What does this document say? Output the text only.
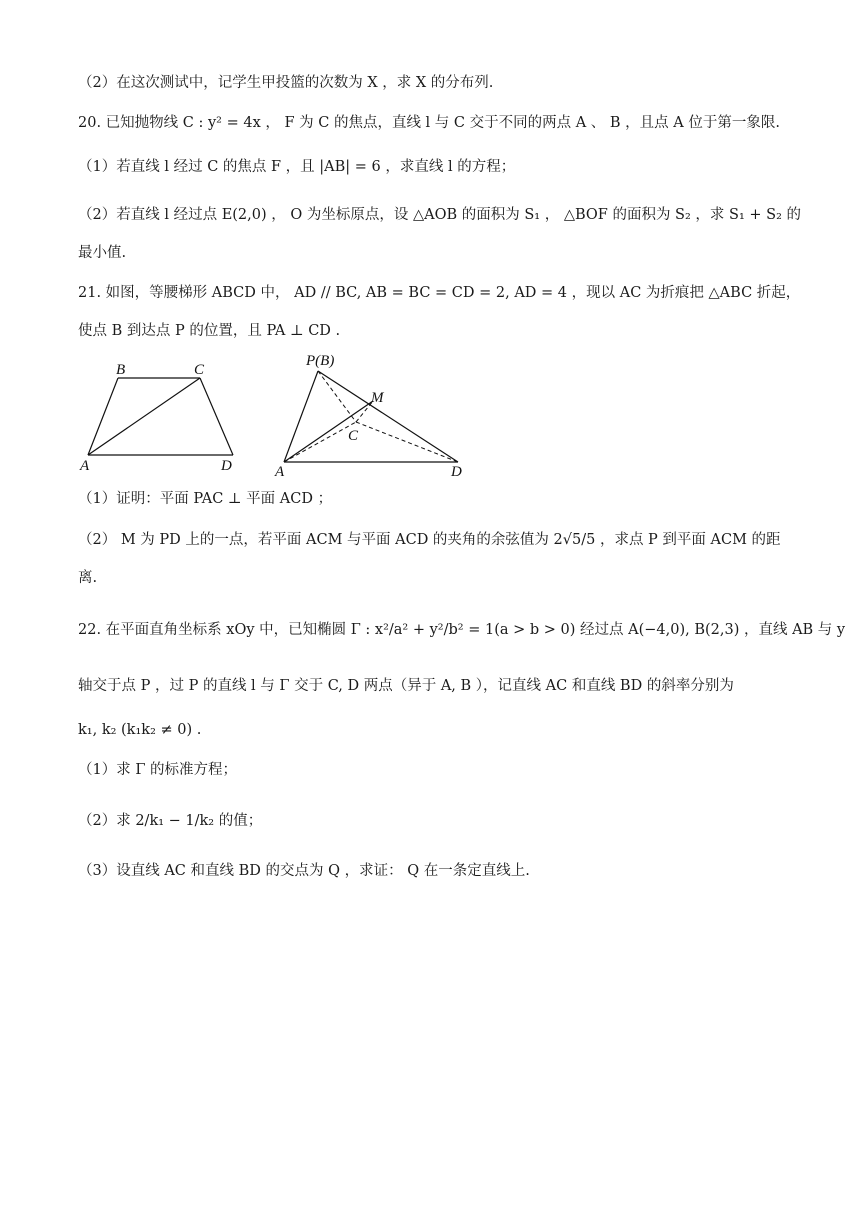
（2）在这次测试中，记学生甲投篮的次数为 X ，求 X 的分布列.
20. 已知抛物线 C : y² = 4x ， F 为 C 的焦点，直线 l 与 C 交于不同的两点 A 、 B ，且点 A 位于第一象限.
（1）若直线 l 经过 C 的焦点 F ，且 |AB| = 6 ，求直线 l 的方程；
（2）若直线 l 经过点 E(2,0) ， O 为坐标原点，设 △AOB 的面积为 S₁ ， △BOF 的面积为 S₂ ，求 S₁ + S₂ 的
最小值.
21. 如图，等腰梯形 ABCD 中， AD // BC, AB = BC = CD = 2, AD = 4 ，现以 AC 为折痕把 △ABC 折起，
使点 B 到达点 P 的位置，且 PA ⊥ CD .
B	C
A	D
P(B)
M
C
A	D
（1）证明：平面 PAC ⊥ 平面 ACD ；
（2） M 为 PD 上的一点，若平面 ACM 与平面 ACD 的夹角的余弦值为 2√5/5 ，求点 P 到平面 ACM 的距
离.
22. 在平面直角坐标系 xOy 中，已知椭圆 Γ : x²/a² + y²/b² = 1(a > b > 0) 经过点 A(−4,0), B(2,3) ，直线 AB 与 y
轴交于点 P ，过 P 的直线 l 与 Γ 交于 C, D 两点（异于 A, B ），记直线 AC 和直线 BD 的斜率分别为
k₁, k₂ (k₁k₂ ≠ 0) .
（1）求 Γ 的标准方程；
（2）求 2/k₁ − 1/k₂ 的值；
（3）设直线 AC 和直线 BD 的交点为 Q ，求证： Q 在一条定直线上.
